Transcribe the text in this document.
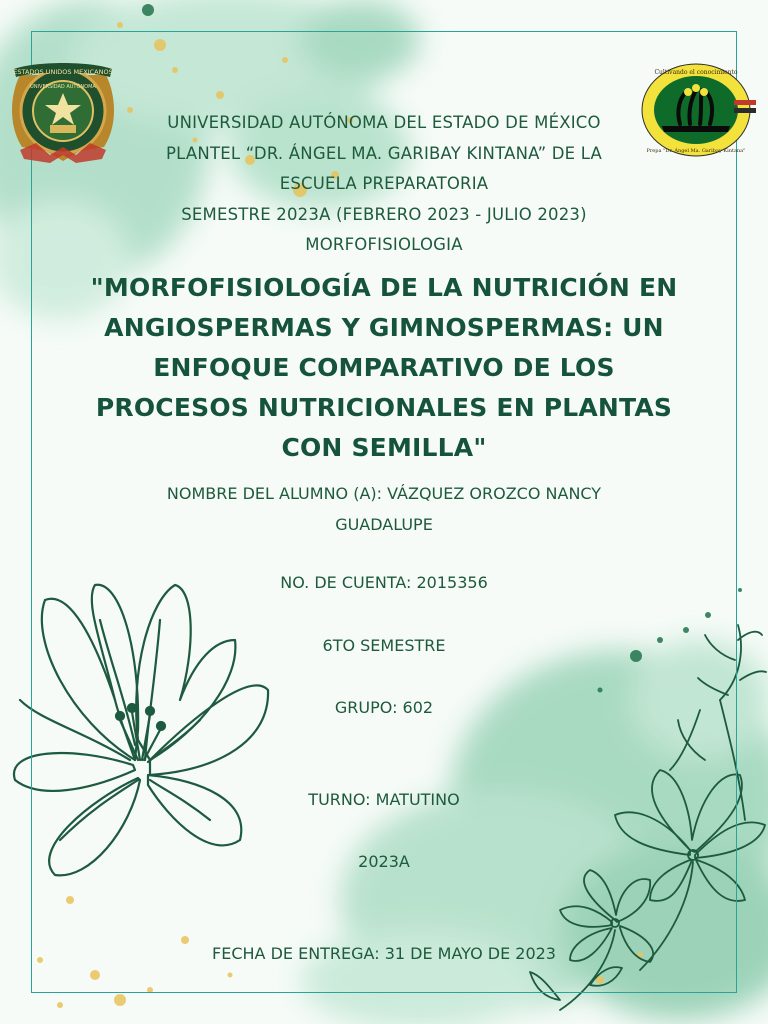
ESTADOS UNIDOS MEXICANOS
UNIVERSIDAD AUTÓNOMA
Cultivando el conocimiento
Prepa "Dr. Ángel Ma. Garibay Kintana"
UNIVERSIDAD AUTÓNOMA DEL ESTADO DE MÉXICO
PLANTEL “DR. ÁNGEL MA. GARIBAY KINTANA” DE LA
ESCUELA PREPARATORIA
SEMESTRE 2023A (FEBRERO 2023 - JULIO 2023)
MORFOFISIOLOGIA
"MORFOFISIOLOGÍA DE LA NUTRICIÓN EN ANGIOSPERMAS Y GIMNOSPERMAS: UN ENFOQUE COMPARATIVO DE LOS PROCESOS NUTRICIONALES EN PLANTAS CON SEMILLA"
NOMBRE DEL ALUMNO (A): VÁZQUEZ OROZCO NANCY
GUADALUPE
NO. DE CUENTA: 2015356
6TO SEMESTRE
GRUPO: 602
TURNO: MATUTINO
2023A
FECHA DE ENTREGA: 31 DE MAYO DE 2023
